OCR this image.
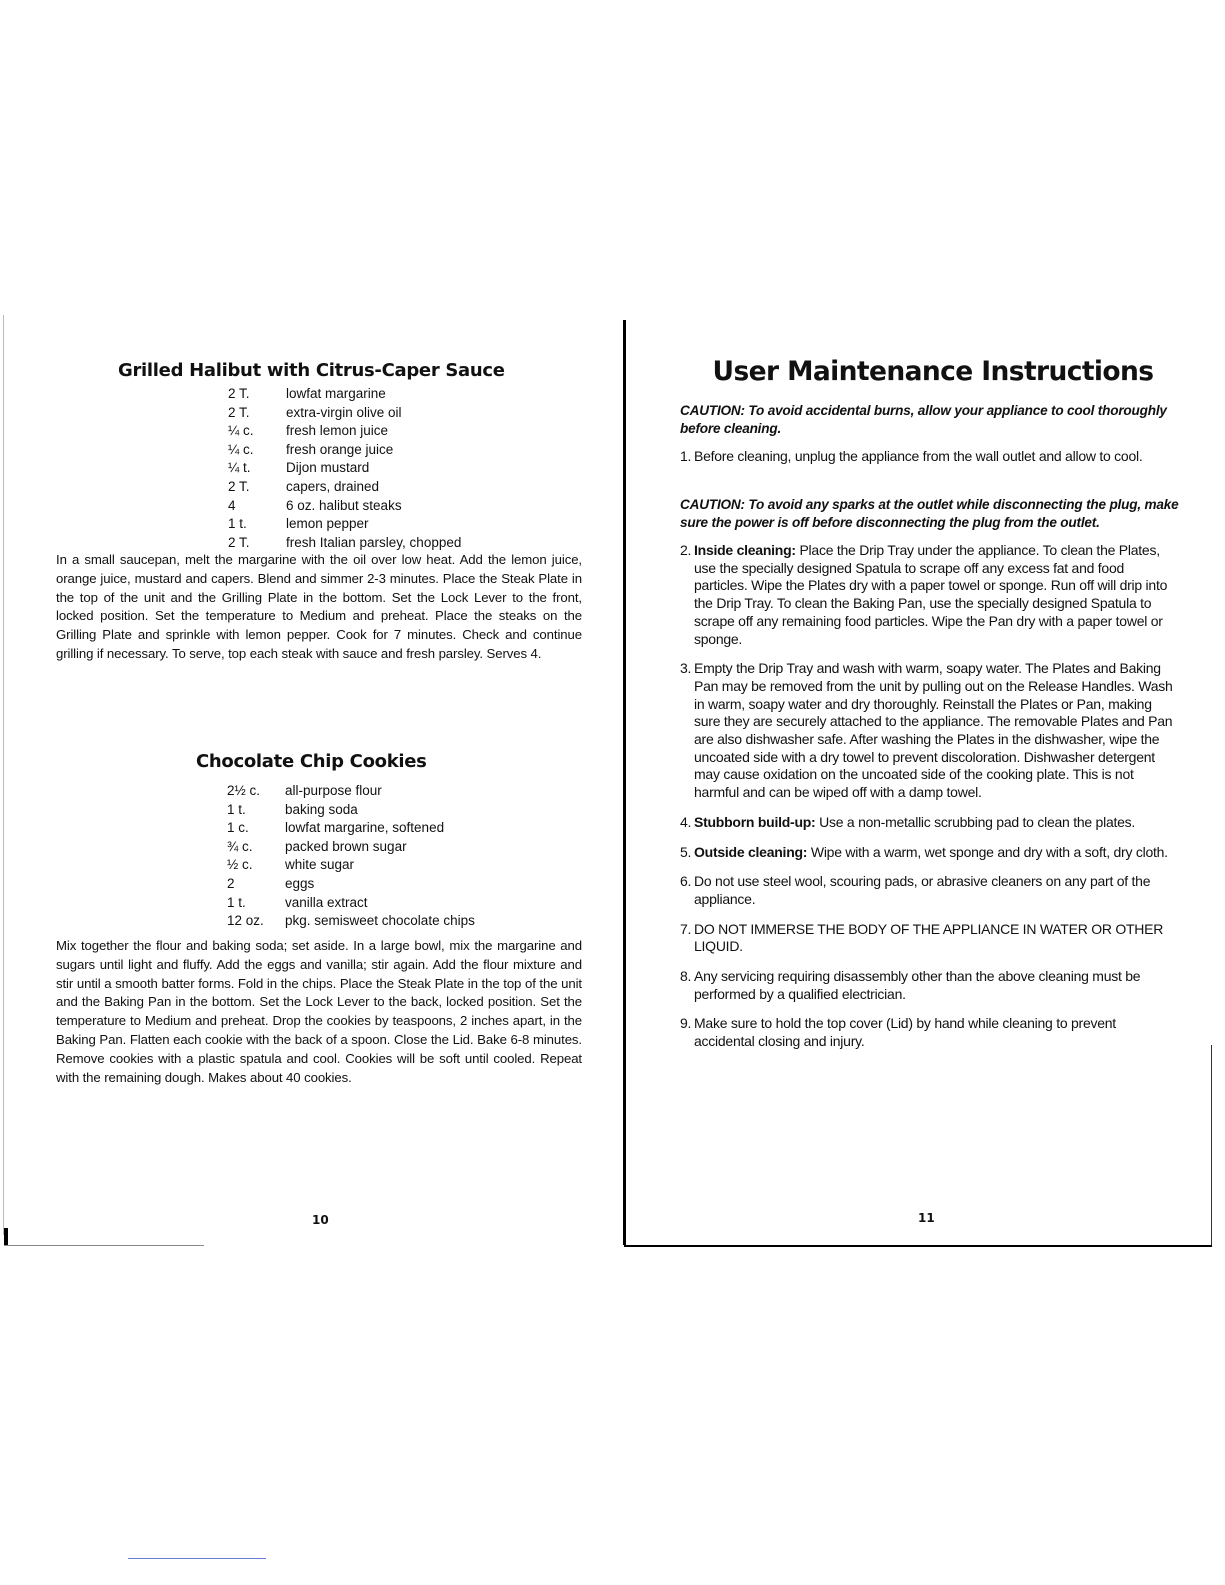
Grilled Halibut with Citrus-Caper Sauce
2 T.	lowfat margarine
2 T.	extra-virgin olive oil
¼ c.	fresh lemon juice
¼ c.	fresh orange juice
¼ t.	Dijon mustard
2 T.	capers, drained
4	6 oz. halibut steaks
1 t.	lemon pepper
2 T.	fresh Italian parsley, chopped
In a small saucepan, melt the margarine with the oil over low heat. Add the lemon juice, orange juice, mustard and capers. Blend and simmer 2-3 minutes. Place the Steak Plate in the top of the unit and the Grilling Plate in the bottom. Set the Lock Lever to the front, locked position. Set the temperature to Medium and preheat. Place the steaks on the Grilling Plate and sprinkle with lemon pepper. Cook for 7 minutes. Check and continue grilling if necessary. To serve, top each steak with sauce and fresh parsley. Serves 4.
Chocolate Chip Cookies
2½ c.	all-purpose flour
1 t.	baking soda
1 c.	lowfat margarine, softened
¾ c.	packed brown sugar
½ c.	white sugar
2	eggs
1 t.	vanilla extract
12 oz.	pkg. semisweet chocolate chips
Mix together the flour and baking soda; set aside. In a large bowl, mix the margarine and sugars until light and fluffy. Add the eggs and vanilla; stir again. Add the flour mixture and stir until a smooth batter forms. Fold in the chips. Place the Steak Plate in the top of the unit and the Baking Pan in the bottom. Set the Lock Lever to the back, locked position. Set the temperature to Medium and preheat. Drop the cookies by teaspoons, 2 inches apart, in the Baking Pan. Flatten each cookie with the back of a spoon. Close the Lid. Bake 6-8 minutes. Remove cookies with a plastic spatula and cool. Cookies will be soft until cooled. Repeat with the remaining dough. Makes about 40 cookies.
10
User Maintenance Instructions
CAUTION: To avoid accidental burns, allow your appliance to cool thoroughly before cleaning.
1. Before cleaning, unplug the appliance from the wall outlet and allow to cool.
CAUTION: To avoid any sparks at the outlet while disconnecting the plug, make sure the power is off before disconnecting the plug from the outlet.
2. Inside cleaning: Place the Drip Tray under the appliance. To clean the Plates, use the specially designed Spatula to scrape off any excess fat and food particles. Wipe the Plates dry with a paper towel or sponge. Run off will drip into the Drip Tray. To clean the Baking Pan, use the specially designed Spatula to scrape off any remaining food particles. Wipe the Pan dry with a paper towel or sponge.
3. Empty the Drip Tray and wash with warm, soapy water. The Plates and Baking Pan may be removed from the unit by pulling out on the Release Handles. Wash in warm, soapy water and dry thoroughly. Reinstall the Plates or Pan, making sure they are securely attached to the appliance. The removable Plates and Pan are also dishwasher safe. After washing the Plates in the dishwasher, wipe the uncoated side with a dry towel to prevent discoloration. Dishwasher detergent may cause oxidation on the uncoated side of the cooking plate. This is not harmful and can be wiped off with a damp towel.
4. Stubborn build-up: Use a non-metallic scrubbing pad to clean the plates.
5. Outside cleaning: Wipe with a warm, wet sponge and dry with a soft, dry cloth.
6. Do not use steel wool, scouring pads, or abrasive cleaners on any part of the appliance.
7. DO NOT IMMERSE THE BODY OF THE APPLIANCE IN WATER OR OTHER LIQUID.
8. Any servicing requiring disassembly other than the above cleaning must be performed by a qualified electrician.
9. Make sure to hold the top cover (Lid) by hand while cleaning to prevent accidental closing and injury.
11
